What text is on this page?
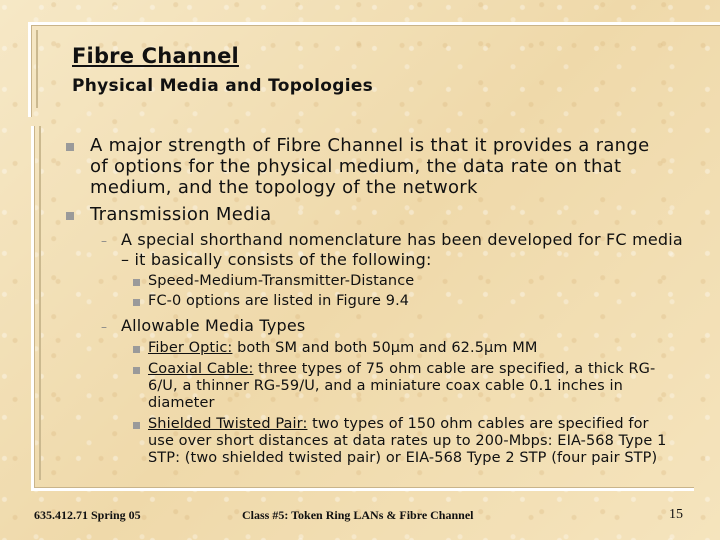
Fibre Channel
Physical Media and Topologies

A major strength of Fibre Channel is that it provides a range of options for the physical medium, the data rate on that medium, and the topology of the network

Transmission Media

– A special shorthand nomenclature has been developed for FC media – it basically consists of the following:

Speed-Medium-Transmitter-Distance

FC-0 options are listed in Figure 9.4

– Allowable Media Types

Fiber Optic: both SM and both 50µm and 62.5µm MM

Coaxial Cable: three types of 75 ohm cable are specified, a thick RG-6/U, a thinner RG-59/U, and a miniature coax cable 0.1 inches in diameter

Shielded Twisted Pair: two types of 150 ohm cables are specified for use over short distances at data rates up to 200-Mbps: EIA-568 Type 1 STP: (two shielded twisted pair) or EIA-568 Type 2 STP (four pair STP)

635.412.71 Spring 05	Class #5: Token Ring LANs & Fibre Channel	15
